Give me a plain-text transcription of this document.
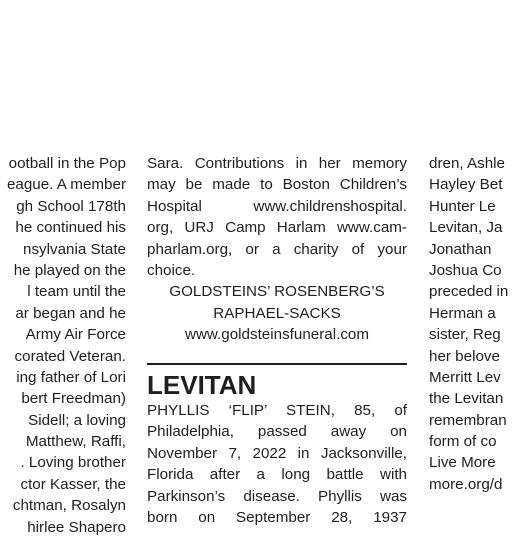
ootball in the Pop
eague. A member
gh School 178th
he continued his
nsylvania State
he played on the
l team until the
ar began and he
Army Air Force
corated Veteran.
ing father of Lori
bert Freedman)
Sidell; a loving
Matthew, Raffi,
. Loving brother
ctor Kasser, the
chtman, Rosalyn
hirlee Shapero
Sara. Contributions in her memory
may be made to Boston Children’s
Hospital www.childrenshospital.
org, URJ Camp Harlam www.cam-
pharlam.org, or a charity of your
choice.
GOLDSTEINS’ ROSENBERG’S
RAPHAEL-SACKS
www.goldsteinsfuneral.com
LEVITAN
PHYLLIS ‘FLIP’ STEIN, 85, of
Philadelphia, passed away on
November 7, 2022 in Jacksonville,
Florida after a long battle with
Parkinson’s disease. Phyllis was
born on September 28, 1937
dren, Ashle
Hayley Bet
Hunter Le
Levitan, Ja
Jonathan
Joshua Co
preceded in
Herman a
sister, Reg
her belove
Merritt Lev
the Levitan
remembran
form of co
Live More
more.org/d
